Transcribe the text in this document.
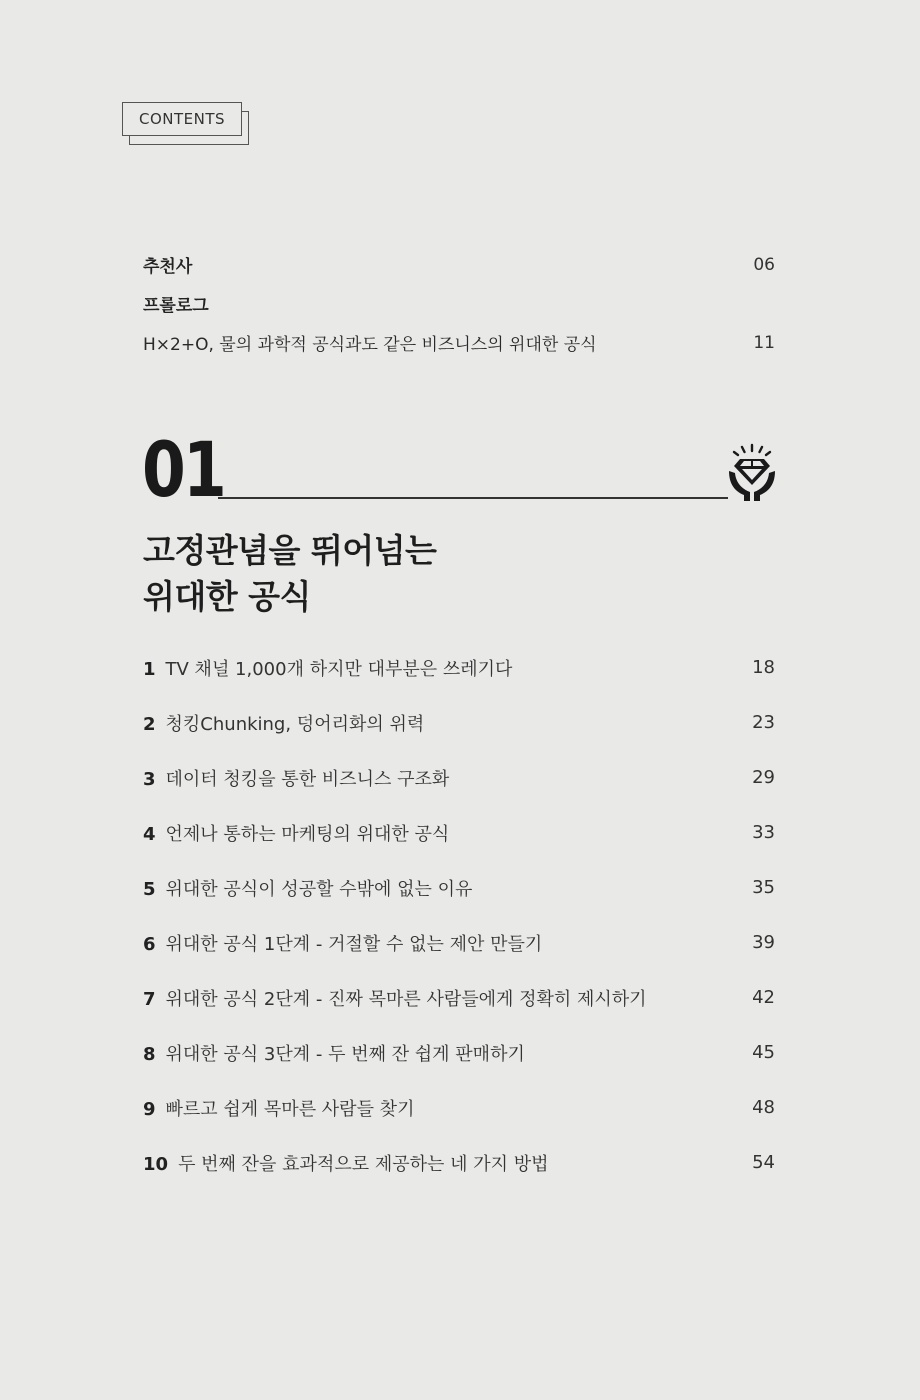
CONTENTS
추천사	06
프롤로그
H×2+O, 물의 과학적 공식과도 같은 비즈니스의 위대한 공식	11
01
고정관념을 뛰어넘는
위대한 공식
1 TV 채널 1,000개 하지만 대부분은 쓰레기다	18
2 청킹Chunking, 덩어리화의 위력	23
3 데이터 청킹을 통한 비즈니스 구조화	29
4 언제나 통하는 마케팅의 위대한 공식	33
5 위대한 공식이 성공할 수밖에 없는 이유	35
6 위대한 공식 1단계 - 거절할 수 없는 제안 만들기	39
7 위대한 공식 2단계 - 진짜 목마른 사람들에게 정확히 제시하기	42
8 위대한 공식 3단계 - 두 번째 잔 쉽게 판매하기	45
9 빠르고 쉽게 목마른 사람들 찾기	48
10 두 번째 잔을 효과적으로 제공하는 네 가지 방법	54
